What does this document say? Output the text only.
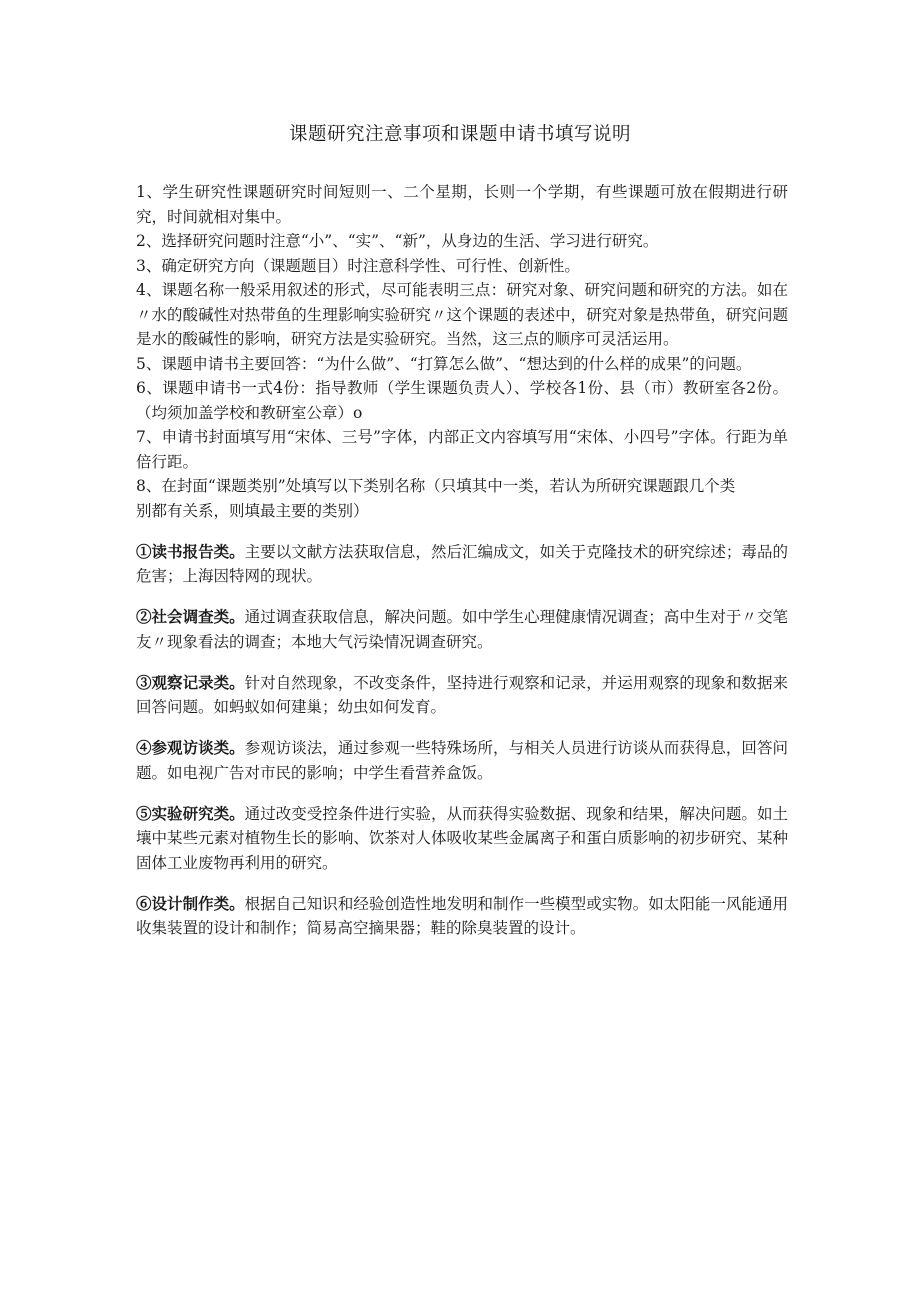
课题研究注意事项和课题申请书填写说明

1、学生研究性课题研究时间短则一、二个星期，长则一个学期，有些课题可放在假期进行研究，时间就相对集中。

2、选择研究问题时注意“小”、“实”、“新”，从身边的生活、学习进行研究。

3、确定研究方向（课题题目）时注意科学性、可行性、创新性。

4、课题名称一般采用叙述的形式，尽可能表明三点：研究对象、研究问题和研究的方法。如在〃水的酸碱性对热带鱼的生理影响实验研究〃这个课题的表述中，研究对象是热带鱼，研究问题是水的酸碱性的影响，研究方法是实验研究。当然，这三点的顺序可灵活运用。

5、课题申请书主要回答：“为什么做”、“打算怎么做”、“想达到的什么样的成果”的问题。

6、课题申请书一式4份：指导教师（学生课题负责人）、学校各1份、县（市）教研室各2份。（均须加盖学校和教研室公章）o

7、申请书封面填写用“宋体、三号”字体，内部正文内容填写用“宋体、小四号”字体。行距为单倍行距。

8、在封面“课题类别”处填写以下类别名称（只填其中一类，若认为所研究课题跟几个类

别都有关系，则填最主要的类别）

①读书报告类。主要以文献方法获取信息，然后汇编成文，如关于克隆技术的研究综述；毒品的危害；上海因特网的现状。

②社会调查类。通过调查获取信息，解决问题。如中学生心理健康情况调查；高中生对于〃交笔友〃现象看法的调查；本地大气污染情况调查研究。

③观察记录类。针对自然现象，不改变条件，坚持进行观察和记录，并运用观察的现象和数据来回答问题。如蚂蚁如何建巢；幼虫如何发育。

④参观访谈类。参观访谈法，通过参观一些特殊场所，与相关人员进行访谈从而获得息，回答问题。如电视广告对市民的影响；中学生看营养盒饭。

⑤实验研究类。通过改变受控条件进行实验，从而获得实验数据、现象和结果，解决问题。如土壤中某些元素对植物生长的影响、饮茶对人体吸收某些金属离子和蛋白质影响的初步研究、某种固体工业废物再利用的研究。

⑥设计制作类。根据自己知识和经验创造性地发明和制作一些模型或实物。如太阳能一风能通用收集装置的设计和制作；简易高空摘果器；鞋的除臭装置的设计。
